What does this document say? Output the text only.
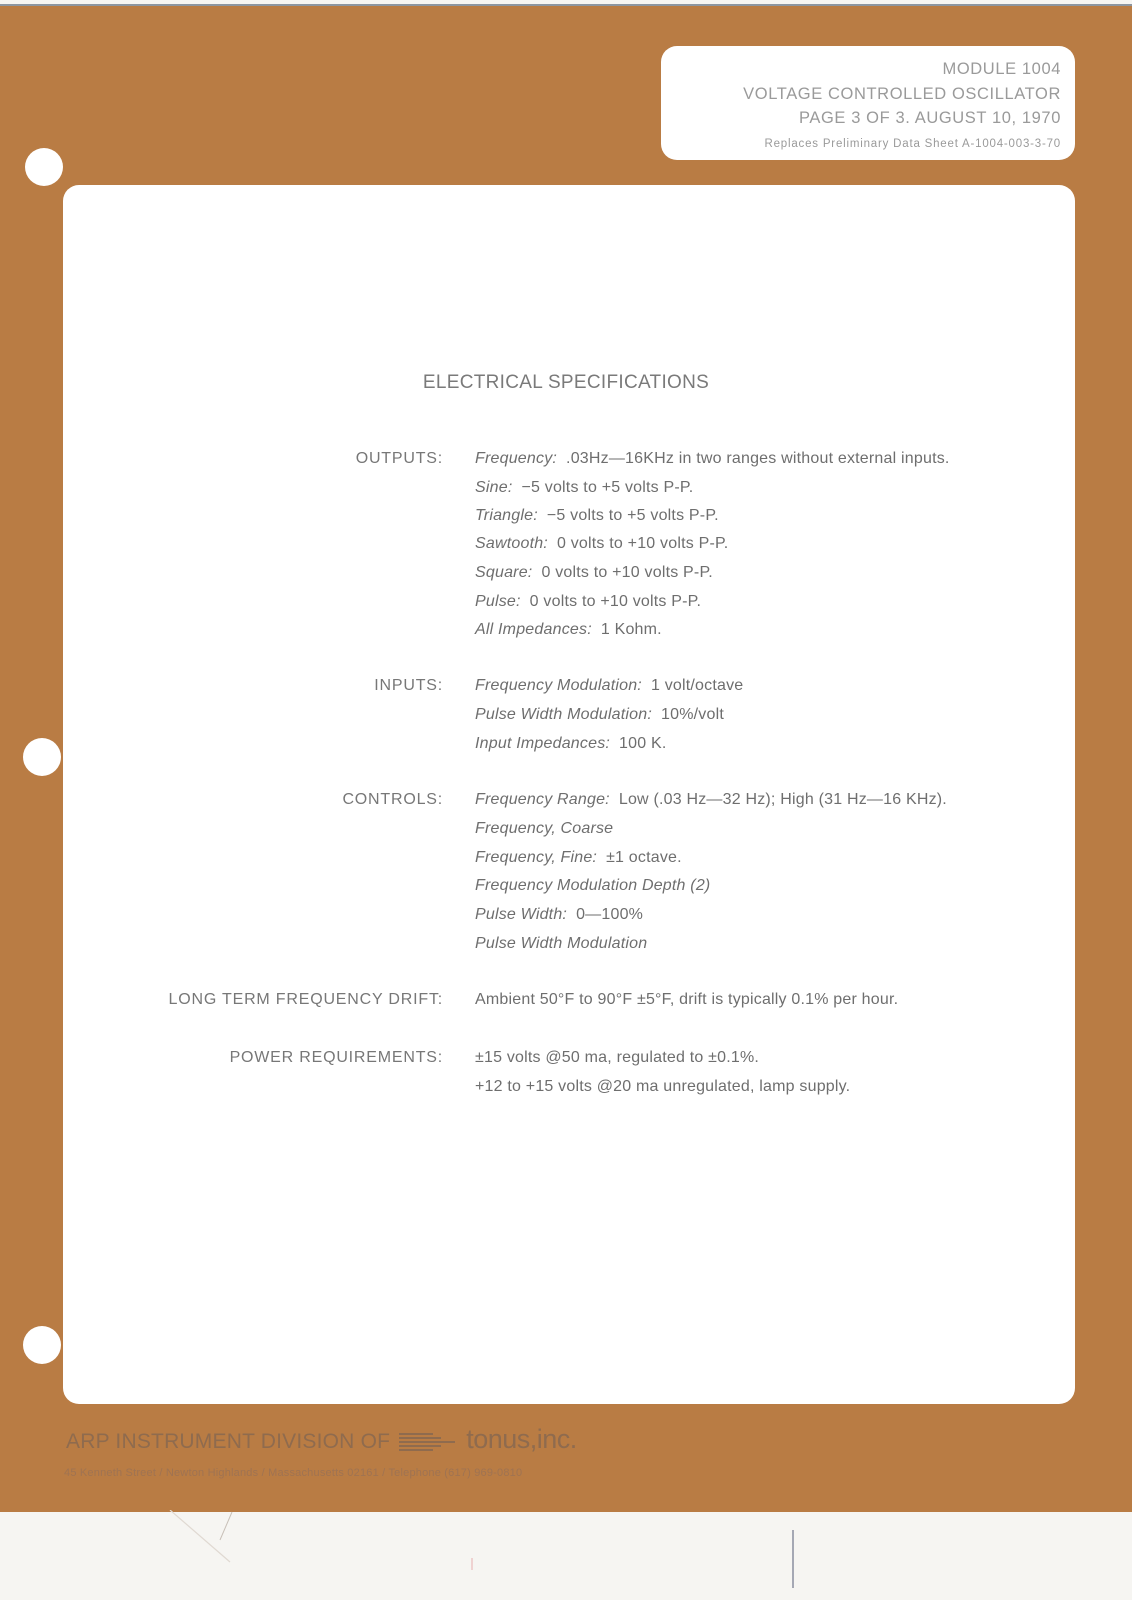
MODULE 1004
VOLTAGE CONTROLLED OSCILLATOR
PAGE 3 OF 3. AUGUST 10, 1970
Replaces Preliminary Data Sheet A-1004-003-3-70
ELECTRICAL SPECIFICATIONS
OUTPUTS: Frequency: .03Hz—16KHz in two ranges without external inputs.
Sine: −5 volts to +5 volts P-P.
Triangle: −5 volts to +5 volts P-P.
Sawtooth: 0 volts to +10 volts P-P.
Square: 0 volts to +10 volts P-P.
Pulse: 0 volts to +10 volts P-P.
All Impedances: 1 Kohm.
INPUTS: Frequency Modulation: 1 volt/octave
Pulse Width Modulation: 10%/volt
Input Impedances: 100 K.
CONTROLS: Frequency Range: Low (.03 Hz—32 Hz); High (31 Hz—16 KHz).
Frequency, Coarse
Frequency, Fine: ±1 octave.
Frequency Modulation Depth (2)
Pulse Width: 0—100%
Pulse Width Modulation
LONG TERM FREQUENCY DRIFT: Ambient 50°F to 90°F ±5°F, drift is typically 0.1% per hour.
POWER REQUIREMENTS: ±15 volts @50 ma, regulated to ±0.1%.
+12 to +15 volts @20 ma unregulated, lamp supply.
ARP INSTRUMENT DIVISION OF	tonus,inc.
45 Kenneth Street / Newton Highlands / Massachusetts 02161 / Telephone (617) 969-0810
